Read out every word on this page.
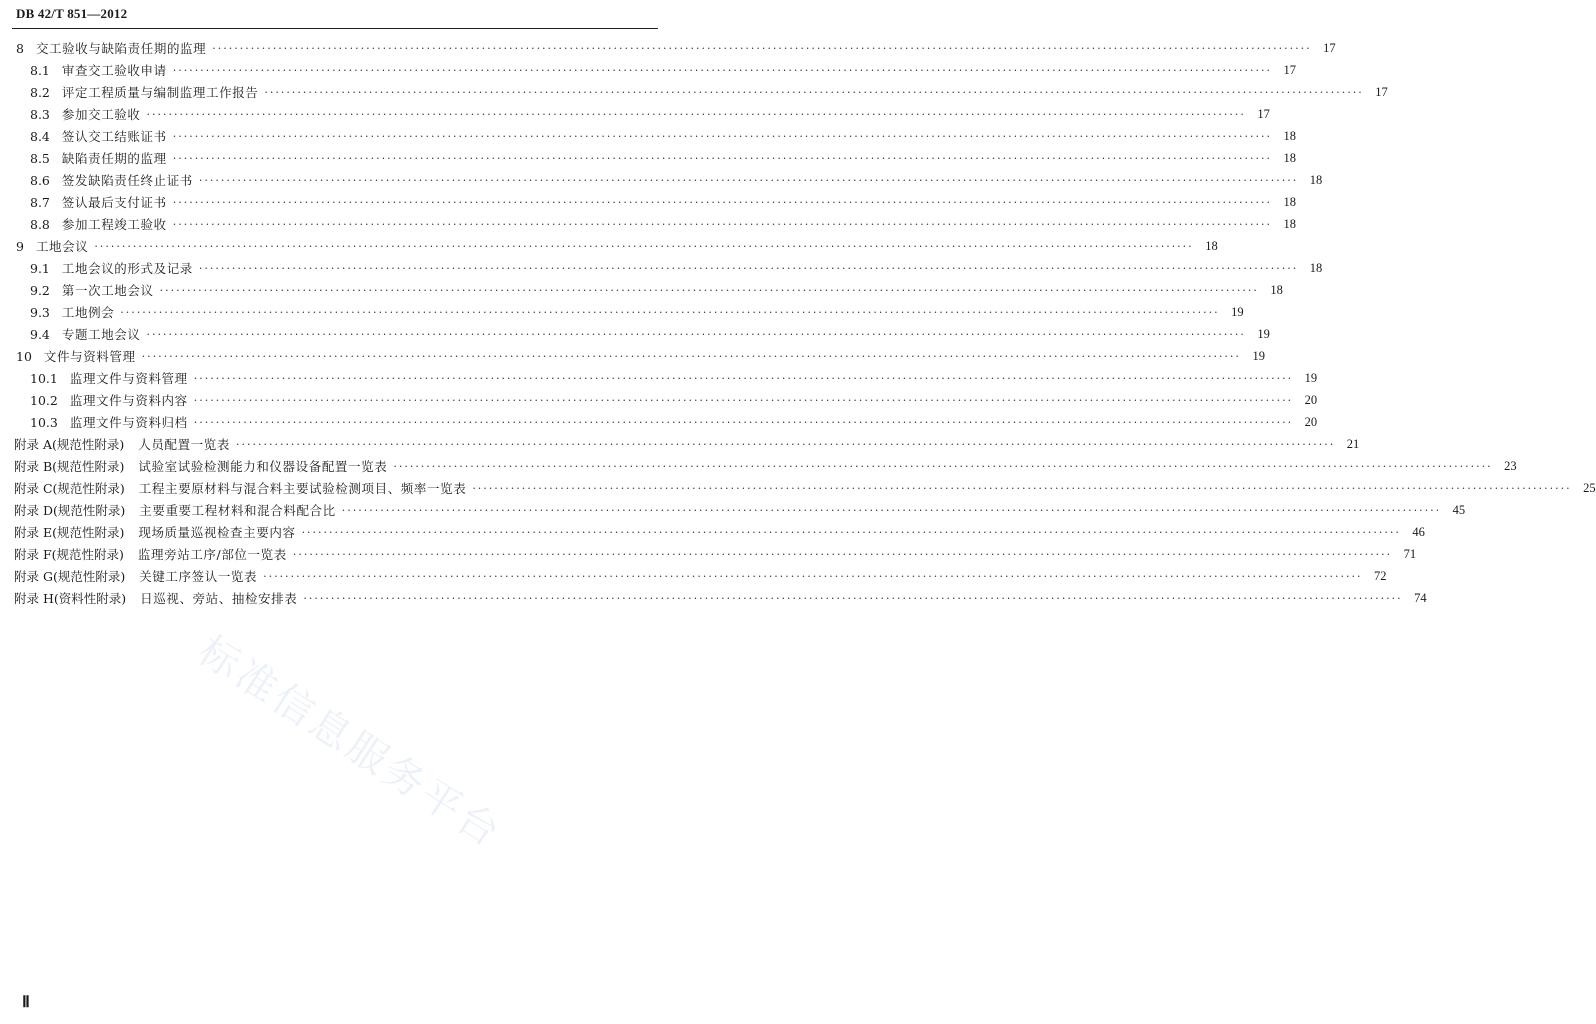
DB 42/T 851—2012
8 交工验收与缺陷责任期的监理 ········································································································································································································ 17
8.1 审查交工验收申请 ········································································································································································································ 17
8.2 评定工程质量与编制监理工作报告 ········································································································································································································ 17
8.3 参加交工验收 ········································································································································································································ 17
8.4 签认交工结账证书 ········································································································································································································ 18
8.5 缺陷责任期的监理 ········································································································································································································ 18
8.6 签发缺陷责任终止证书 ········································································································································································································ 18
8.7 签认最后支付证书 ········································································································································································································ 18
8.8 参加工程竣工验收 ········································································································································································································ 18
9 工地会议 ········································································································································································································ 18
9.1 工地会议的形式及记录 ········································································································································································································ 18
9.2 第一次工地会议 ········································································································································································································ 18
9.3 工地例会 ········································································································································································································ 19
9.4 专题工地会议 ········································································································································································································ 19
10 文件与资料管理 ········································································································································································································ 19
10.1 监理文件与资料管理 ········································································································································································································ 19
10.2 监理文件与资料内容 ········································································································································································································ 20
10.3 监理文件与资料归档 ········································································································································································································ 20
附录 A(规范性附录) 人员配置一览表 ········································································································································································································ 21
附录 B(规范性附录) 试验室试验检测能力和仪器设备配置一览表 ········································································································································································································ 23
附录 C(规范性附录) 工程主要原材料与混合料主要试验检测项目、频率一览表 ········································································································································································································ 25
附录 D(规范性附录) 主要重要工程材料和混合料配合比 ········································································································································································································ 45
附录 E(规范性附录) 现场质量巡视检查主要内容 ········································································································································································································ 46
附录 F(规范性附录) 监理旁站工序/部位一览表 ········································································································································································································ 71
附录 G(规范性附录) 关键工序签认一览表 ········································································································································································································ 72
附录 H(资料性附录) 日巡视、旁站、抽检安排表 ········································································································································································································ 74
标准信息服务平台
Ⅱ
